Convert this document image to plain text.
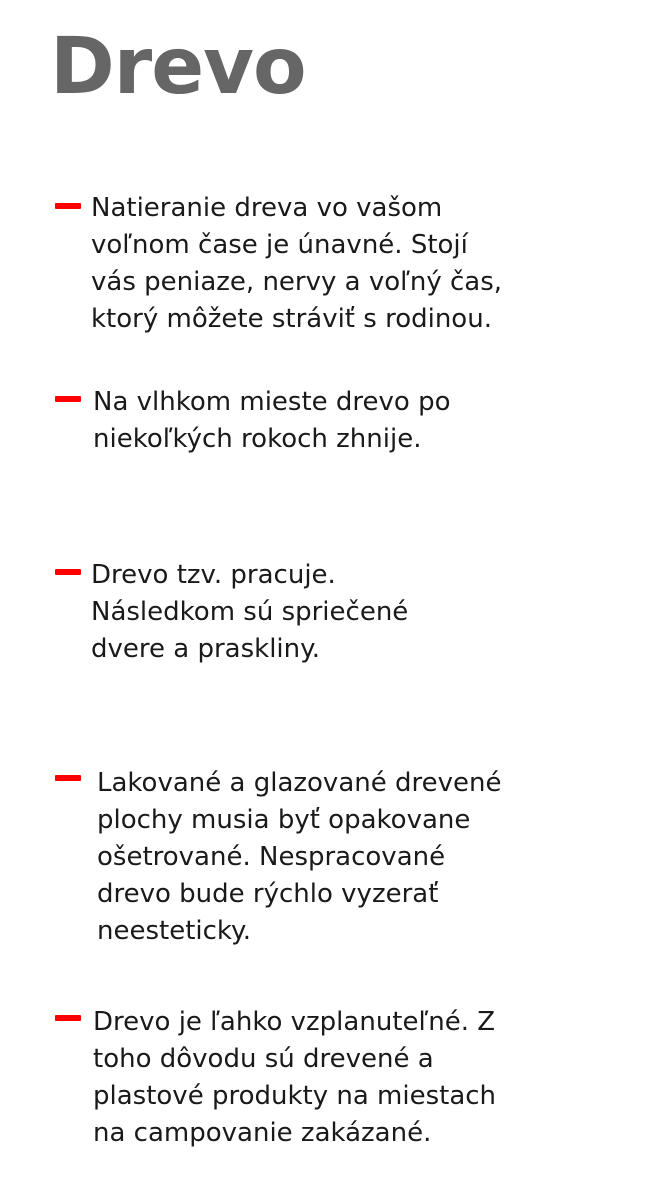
Drevo

Natieranie dreva vo vašom
voľnom čase je únavné. Stojí
vás peniaze, nervy a voľný čas,
ktorý môžete stráviť s rodinou.

Na vlhkom mieste drevo po
niekoľkých rokoch zhnije.

Drevo tzv. pracuje.
Následkom sú spriečené
dvere a praskliny.

Lakované a glazované drevené
plochy musia byť opakovane
ošetrované. Nespracované
drevo bude rýchlo vyzerať
neesteticky.

Drevo je ľahko vzplanuteľné. Z
toho dôvodu sú drevené a
plastové produkty na miestach
na campovanie zakázané.
